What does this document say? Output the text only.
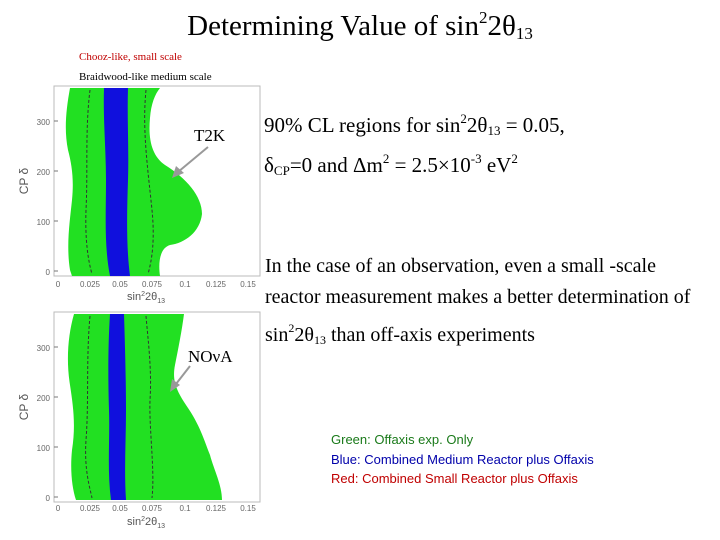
Determining Value of $\sin^22\theta_{13}$
Chooz-like, small scale
Braidwood-like medium scale
0
100
200
300
CP δ
0 0.025 0.05 0.075 0.1 0.125 0.15
$\sin^22\theta_{13}$
0
100
200
300
CP δ
0 0.025 0.05 0.075 0.1 0.125 0.15
$\sin^22\theta_{13}$
T2K
NOνA
90% CL regions for $\sin^22\theta_{13} = 0.05$,
$\delta_{CP}=0$ and $\Delta m^2 = 2.5\times 10^{-3}$ $eV^2$
In the case of an observation, even a small -scale reactor measurement makes a better determination of $\sin^22\theta_{13}$ than off-axis experiments
Green: Offaxis exp. Only
Blue: Combined Medium Reactor plus Offaxis
Red: Combined Small Reactor plus Offaxis
